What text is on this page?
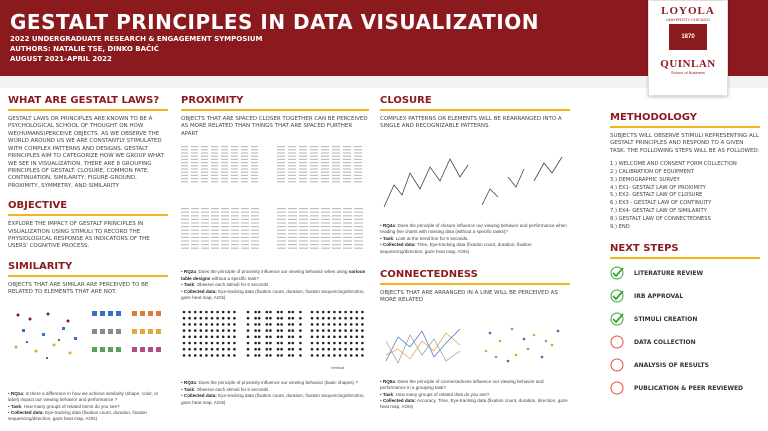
GESTALT PRINCIPLES IN DATA VISUALIZATION
2022 UNDERGRADUATE RESEARCH & ENGAGEMENT SYMPOSIUM
AUTHORS: NATALIE TSE, DINKO BAČIĆ
AUGUST 2021-APRIL 2022
LOYOLA
UNIVERSITY CHICAGO
1870
QUINLAN
School of Business
WHAT ARE GESTALT LAWS?
GESTALT LAWS OR PRINCIPLES ARE KNOWN TO BE A PSYCHOLOGICAL SCHOOL OF THOUGHT ON HOW WE(HUMANS)PERCEIVE OBJECTS. AS WE OBSERVE THE WORLD AROUND US WE ARE CONSTANTLY STIMULATED WITH COMPLEX PATTERNS AND DESIGNS. GESTALT PRINCIPLES AIM TO CATEGORIZE HOW WE GROUP WHAT WE SEE IN VISUALIZATION. THERE ARE 8 GROUPING PRINCIPLES OF GESTALT: CLOSURE, COMMON FATE, CONTINUATION, SIMILARITY, FIGURE-GROUND, PROXIMITY, SYMMETRY, AND SIMILARITY
OBJECTIVE
EXPLORE THE IMPACT OF GESTALT PRINCIPLES IN VISUALIZATION USING STIMULI TO RECORD THE PHYSIOLOGICAL RESPONSE AS INDICATORS OF THE USERS' COGNITIVE PROCESS.
SIMILARITY
OBJECTS THAT ARE SIMILAR ARE PERCEIVED TO BE RELATED TO ELEMENTS THAT ARE NOT.
• RQ1a: Is there a difference in how we achieve similarity (shape, color, or label) impact our viewing behavior and performance ?
• Task: How many groups of related items do you see?
• Collected data: Eye-tracking data (fixation count, duration, fixation sequencing/direction, gaze heat map, AOIs)
PROXIMITY
OBJECTS THAT ARE SPACED CLOSER TOGETHER CAN BE PERCEIVED AS MORE RELATED THAN THINGS THAT ARE SPACED FURTHER APART
• RQ2a: Does the principle of proximity influence our viewing behavior when using various table designs without a specific task?
• Task: Observe each stimuli for 6 seconds
• Collected data: Eye-tracking data (fixation count, duration, fixation sequencing/direction, gaze heat map, AOIs)
Vertical
• RQ3a: Does the principle of proximity influence our viewing behavior (basic shapes) ?
• Task: Observe each stimuli for 6 seconds
• Collected data: Eye-tracking data (fixation count, duration, fixation sequencing/direction, gaze heat map, AOIs)
CLOSURE
COMPLEX PATTERNS OR ELEMENTS WILL BE REARRANGED INTO A SINGLE AND RECOGNIZABLE PATTERNS.
• RQ4a: Does the principle of closure influence our viewing behavior and performance when reading line charts with missing data (without a specific tasks)?
• Task: Look at the trend line for 6 seconds.
• Collected data: Time, Eye-tracking data (fixation count, duration, fixation sequencing/direction, gaze heat map, AOIs)
CONNECTEDNESS
OBJECTS THAT ARE ARRANGED IN A LINE WILL BE PERCEIVED AS MORE RELATED
• RQ5a: Does the principle of connectedness influence our viewing behavior and performance in a grouping task?
• Task: How many groups of related dots do you see?
• Collected data: Accuracy, Time, Eye-tracking data (fixation count, duration, direction, gaze heat map, AOIs)
METHODOLOGY
SUBJECTS WILL OBSERVE STIMULI REPRESENTING ALL GESTALT PRINCIPLES AND RESPOND TO A GIVEN TASK. THE FOLLOWING STEPS WILL BE AS FOLLOWED:
1.) WELCOME AND CONSENT FORM COLLECTION
2.) CALIBRATION OF EQUIPMENT
3.) DEMOGRAPHIC SURVEY
4.) EX1- GESTALT LAW OF PROXIMITY
5.) EX2- GESTALT LAW OF CLOSURE
6.) EX3 - GESTALT LAW OF CONTINUITY
7.) EX4- GESTALT LAW OF SIMILARITY
8.) GESTALT LAW OF CONNECTEDNESS
9.) END
NEXT STEPS
LITERATURE REVIEW
IRB APPROVAL
STIMULI CREATION
DATA COLLECTION
ANALYSIS OF RESULTS
PUBLICATION & PEER REVIEWED
